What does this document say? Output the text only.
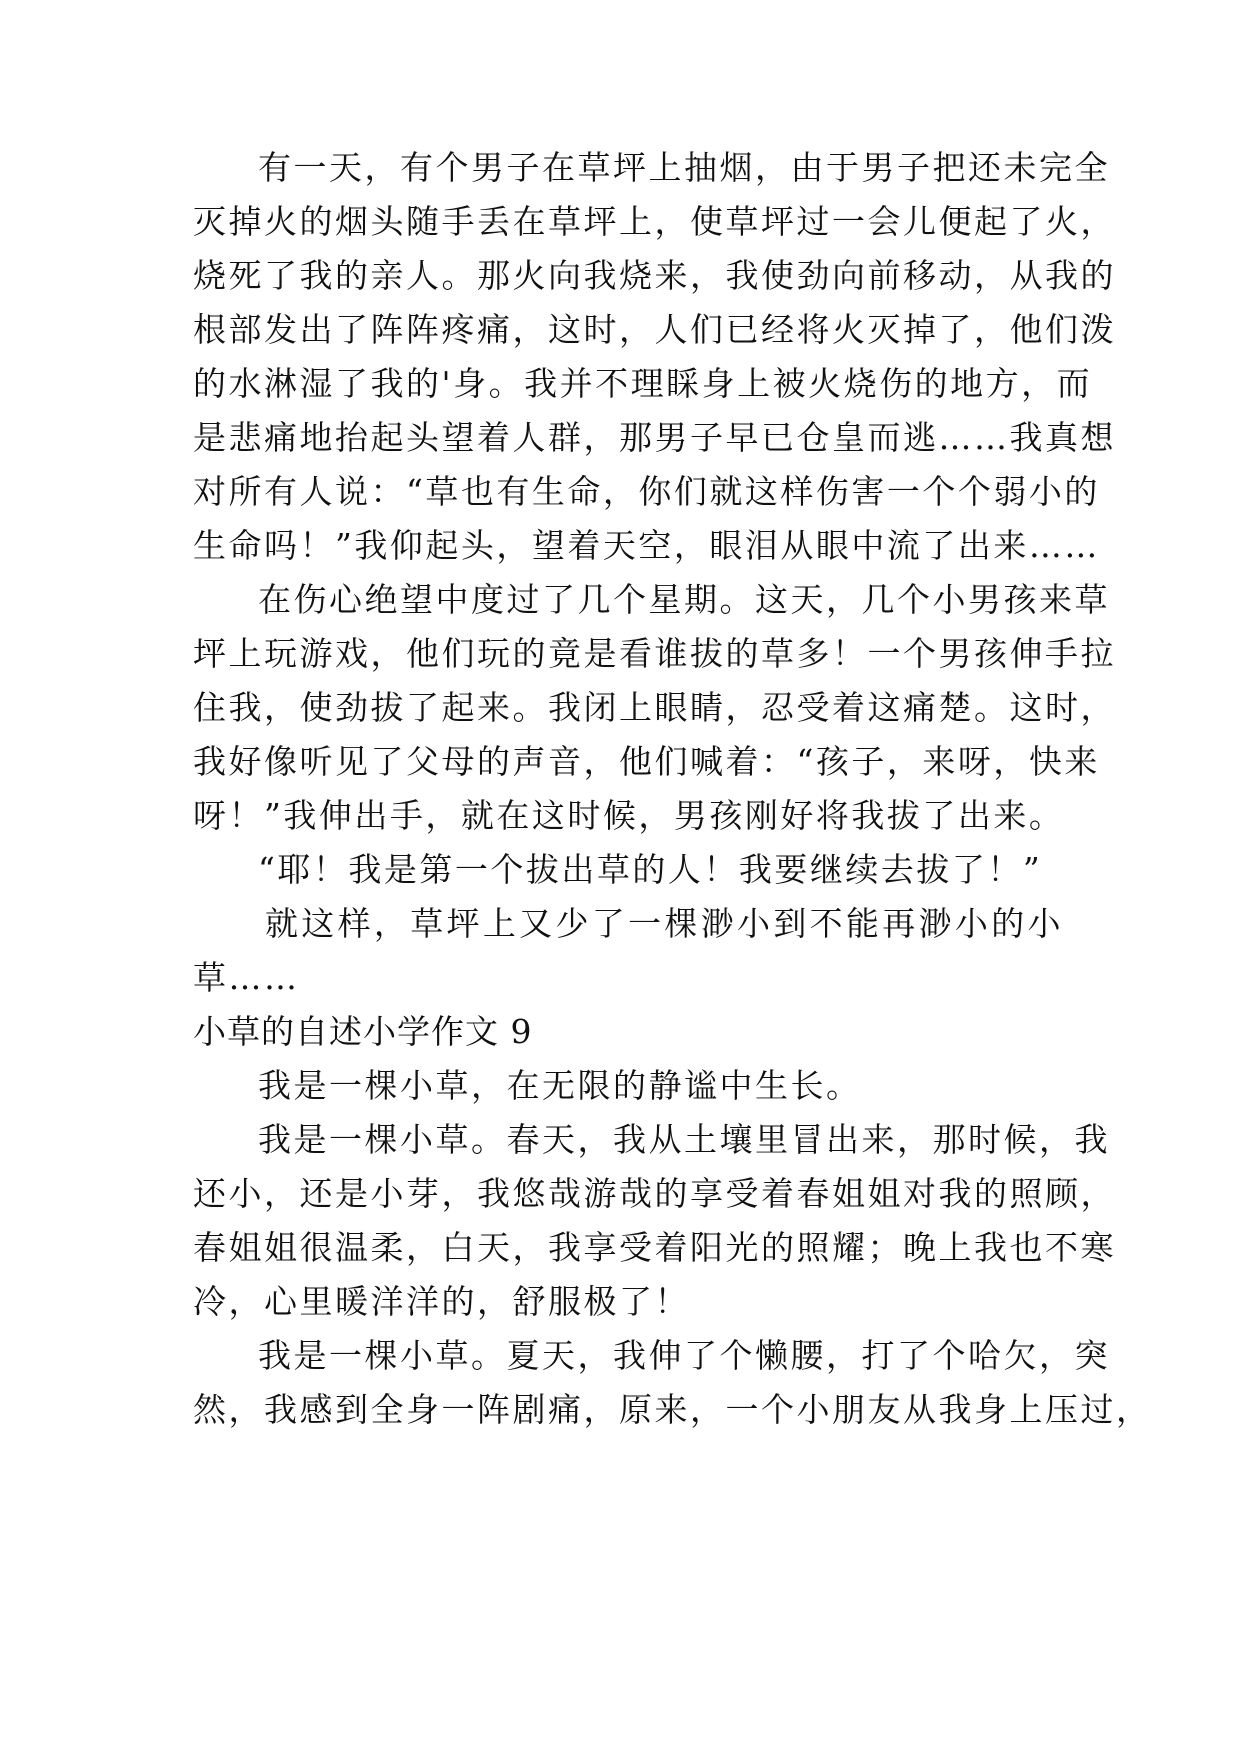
有一天，有个男子在草坪上抽烟，由于男子把还未完全
灭掉火的烟头随手丢在草坪上，使草坪过一会儿便起了火，
烧死了我的亲人。那火向我烧来，我使劲向前移动，从我的
根部发出了阵阵疼痛，这时，人们已经将火灭掉了，他们泼
的水淋湿了我的'身。我并不理睬身上被火烧伤的地方，而
是悲痛地抬起头望着人群，那男子早已仓皇而逃……我真想
对所有人说：“草也有生命，你们就这样伤害一个个弱小的
生命吗！”我仰起头，望着天空，眼泪从眼中流了出来……
在伤心绝望中度过了几个星期。这天，几个小男孩来草
坪上玩游戏，他们玩的竟是看谁拔的草多！一个男孩伸手拉
住我，使劲拔了起来。我闭上眼睛，忍受着这痛楚。这时，
我好像听见了父母的声音，他们喊着：“孩子，来呀，快来
呀！”我伸出手，就在这时候，男孩刚好将我拔了出来。
“耶！我是第一个拔出草的人！我要继续去拔了！”
就这样，草坪上又少了一棵渺小到不能再渺小的小
草……
小草的自述小学作文 9
我是一棵小草，在无限的静谧中生长。
我是一棵小草。春天，我从土壤里冒出来，那时候，我
还小，还是小芽，我悠哉游哉的享受着春姐姐对我的照顾，
春姐姐很温柔，白天，我享受着阳光的照耀；晚上我也不寒
冷，心里暖洋洋的，舒服极了！
我是一棵小草。夏天，我伸了个懒腰，打了个哈欠，突
然，我感到全身一阵剧痛，原来，一个小朋友从我身上压过，
